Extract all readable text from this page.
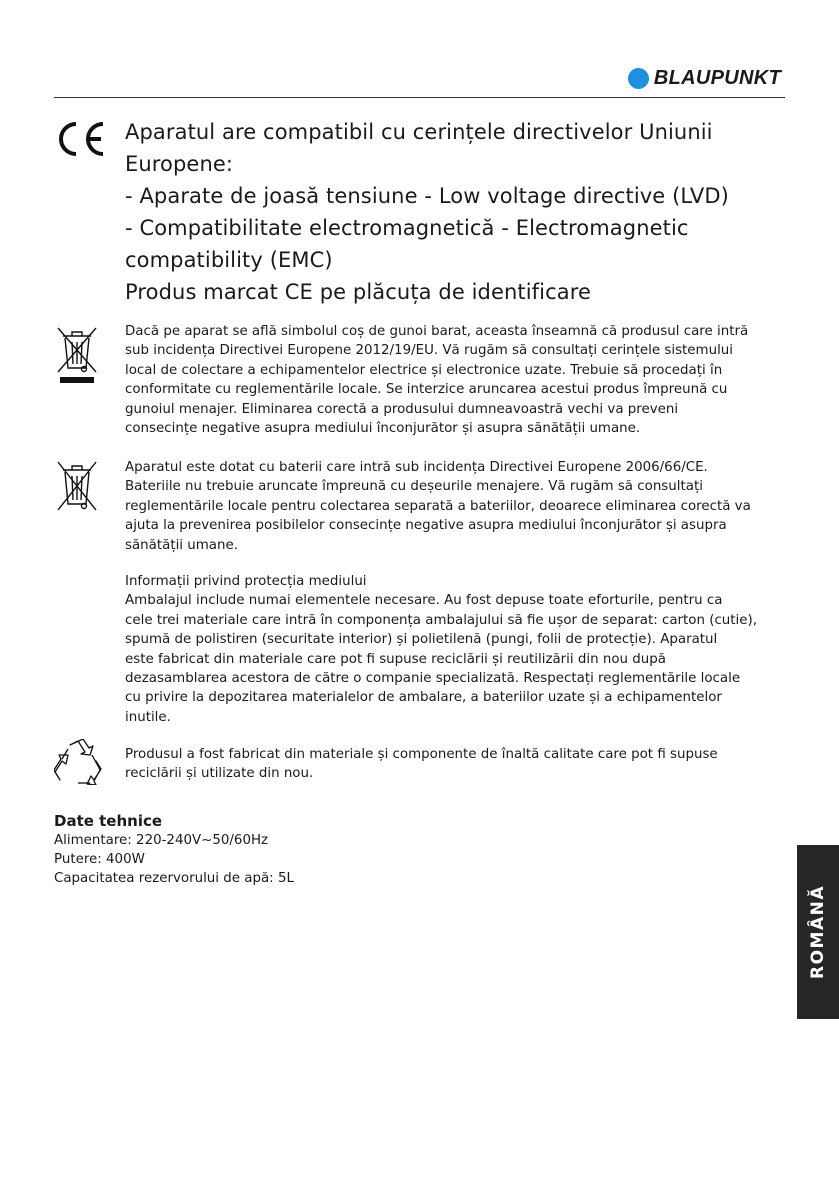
BLAUPUNKT
Aparatul are compatibil cu cerințele directivelor Uniunii
Europene:
- Aparate de joasă tensiune - Low voltage directive (LVD)
- Compatibilitate electromagnetică - Electromagnetic
compatibility (EMC)
Produs marcat CE pe plăcuța de identificare

Dacă pe aparat se află simbolul coș de gunoi barat, aceasta înseamnă că produsul care intră

sub incidența Directivei Europene 2012/19/EU. Vă rugăm să consultați cerințele sistemului

local de colectare a echipamentelor electrice și electronice uzate. Trebuie să procedați în

conformitate cu reglementările locale. Se interzice aruncarea acestui produs împreună cu

gunoiul menajer. Eliminarea corectă a produsului dumneavoastră vechi va preveni

consecințe negative asupra mediului înconjurător și asupra sănătății umane.

Aparatul este dotat cu baterii care intră sub incidența Directivei Europene 2006/66/CE.

Bateriile nu trebuie aruncate împreună cu deșeurile menajere. Vă rugăm să consultați

reglementările locale pentru colectarea separată a bateriilor, deoarece eliminarea corectă va

ajuta la prevenirea posibilelor consecințe negative asupra mediului înconjurător și asupra

sănătății umane.

Informații privind protecția mediului

Ambalajul include numai elementele necesare. Au fost depuse toate eforturile, pentru ca

cele trei materiale care intră în componența ambalajului să fie ușor de separat: carton (cutie),

spumă de polistiren (securitate interior) și polietilenă (pungi, folii de protecție). Aparatul

este fabricat din materiale care pot fi supuse reciclării și reutilizării din nou după

dezasamblarea acestora de către o companie specializată. Respectați reglementările locale

cu privire la depozitarea materialelor de ambalare, a bateriilor uzate și a echipamentelor

inutile.

Produsul a fost fabricat din materiale și componente de înaltă calitate care pot fi supuse

reciclării și utilizate din nou.

Date tehnice
Alimentare: 220-240V~50/60Hz
Putere: 400W
Capacitatea rezervorului de apă: 5L
ROMÂNĂ
